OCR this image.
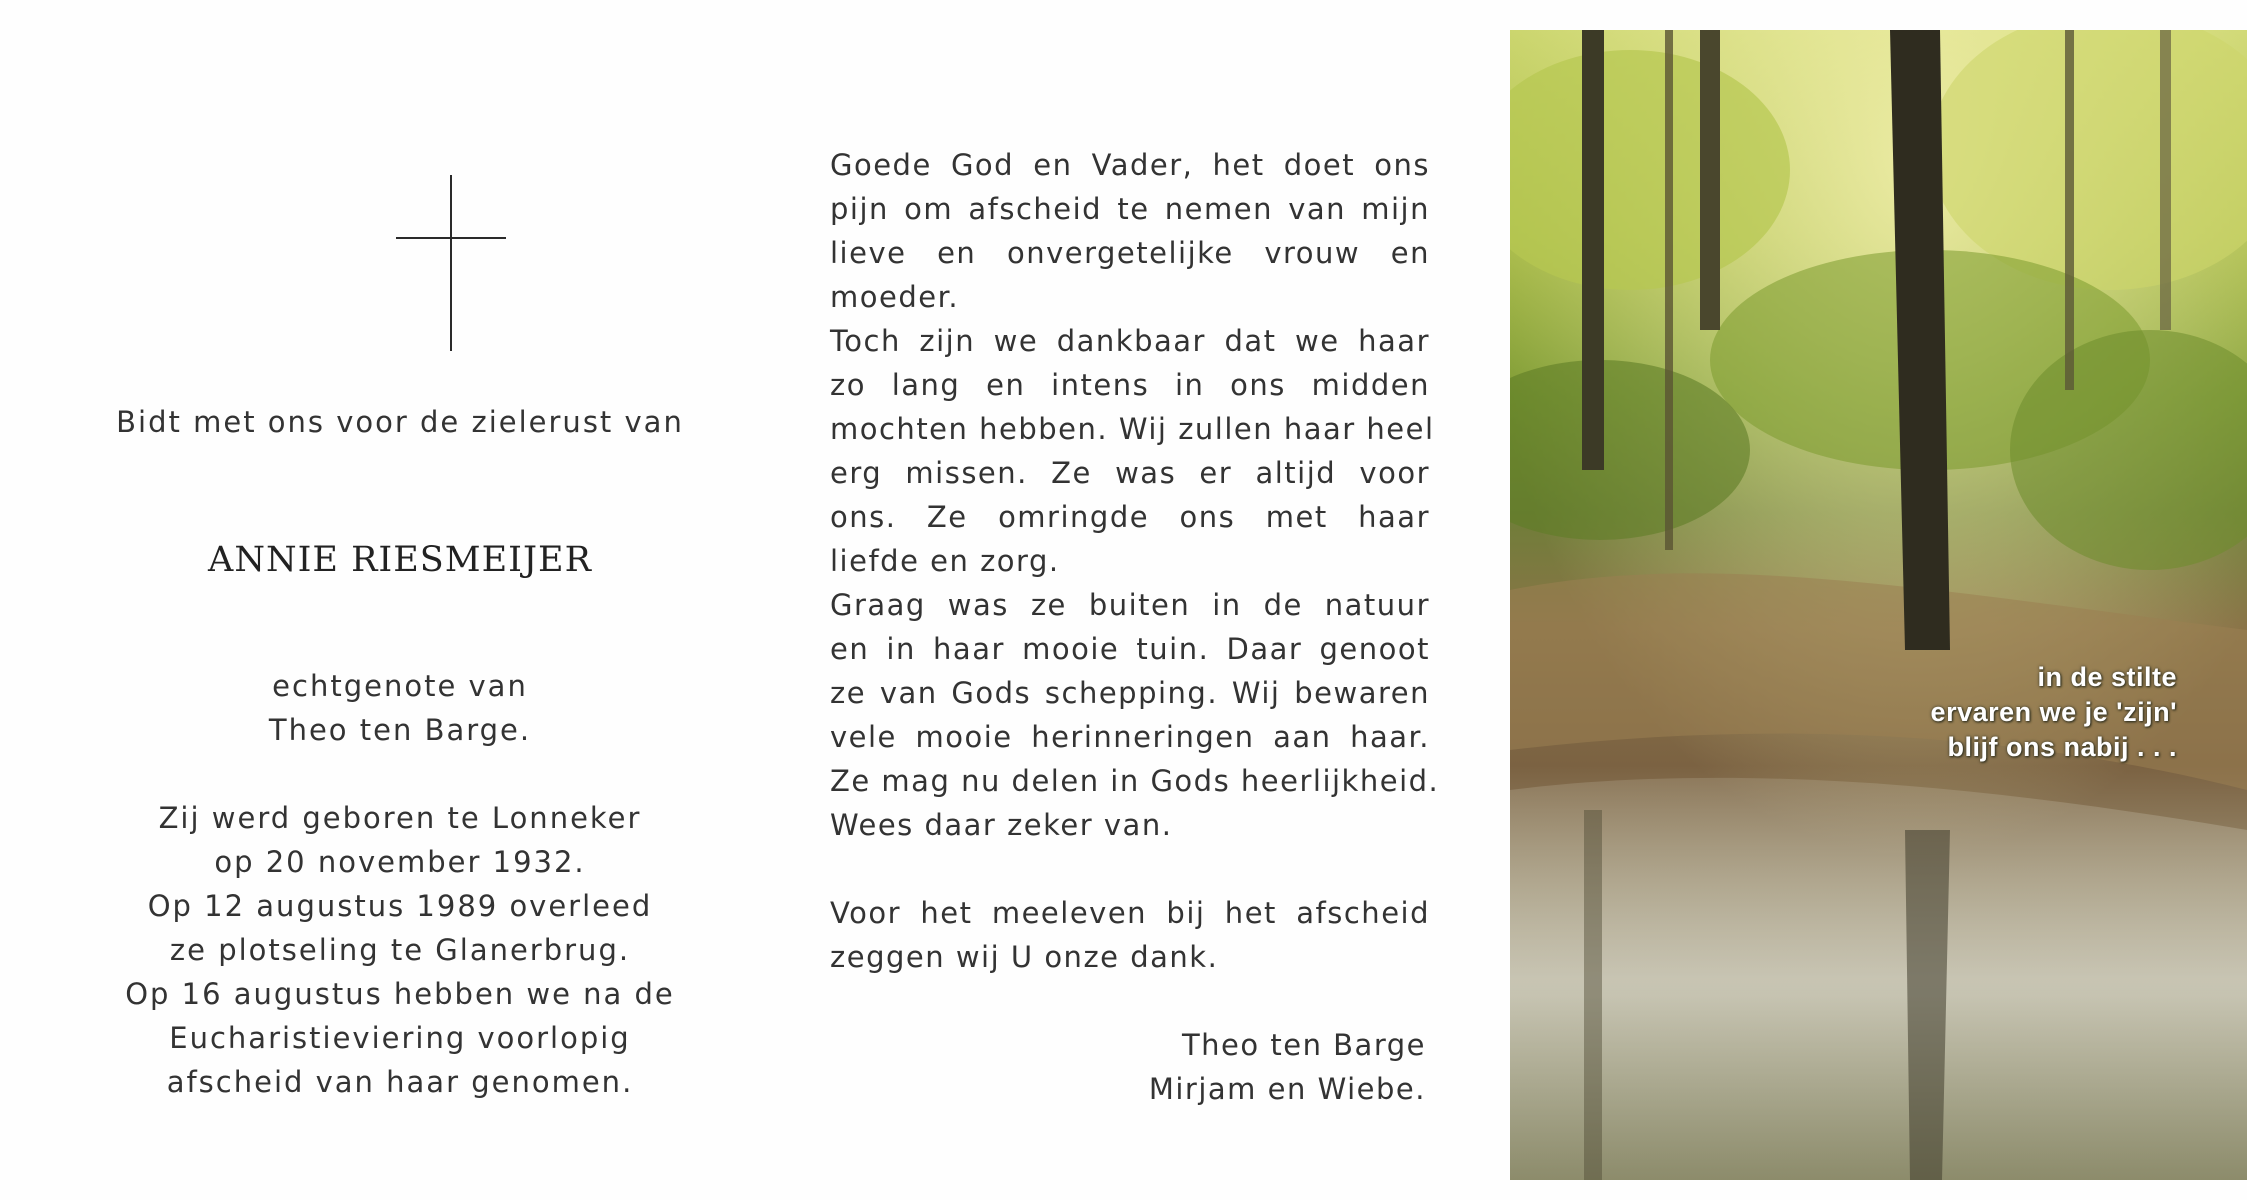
Bidt met ons voor de zielerust van
ANNIE RIESMEIJER
echtgenote van
Theo ten Barge.
Zij werd geboren te Lonneker
op 20 november 1932.
Op 12 augustus 1989 overleed
ze plotseling te Glanerbrug.
Op 16 augustus hebben we na de
Eucharistieviering voorlopig
afscheid van haar genomen.
Goede God en Vader, het doet ons
pijn om afscheid te nemen van mijn
lieve en onvergetelijke vrouw en
moeder.
Toch zijn we dankbaar dat we haar
zo lang en intens in ons midden
mochten hebben. Wij zullen haar heel
erg missen. Ze was er altijd voor
ons. Ze omringde ons met haar
liefde en zorg.
Graag was ze buiten in de natuur
en in haar mooie tuin. Daar genoot
ze van Gods schepping. Wij bewaren
vele mooie herinneringen aan haar.
Ze mag nu delen in Gods heerlijkheid.
Wees daar zeker van.
Voor het meeleven bij het afscheid
zeggen wij U onze dank.
Theo ten Barge
Mirjam en Wiebe.
in de stilte
ervaren we je 'zijn'
blijf ons nabij . . .
